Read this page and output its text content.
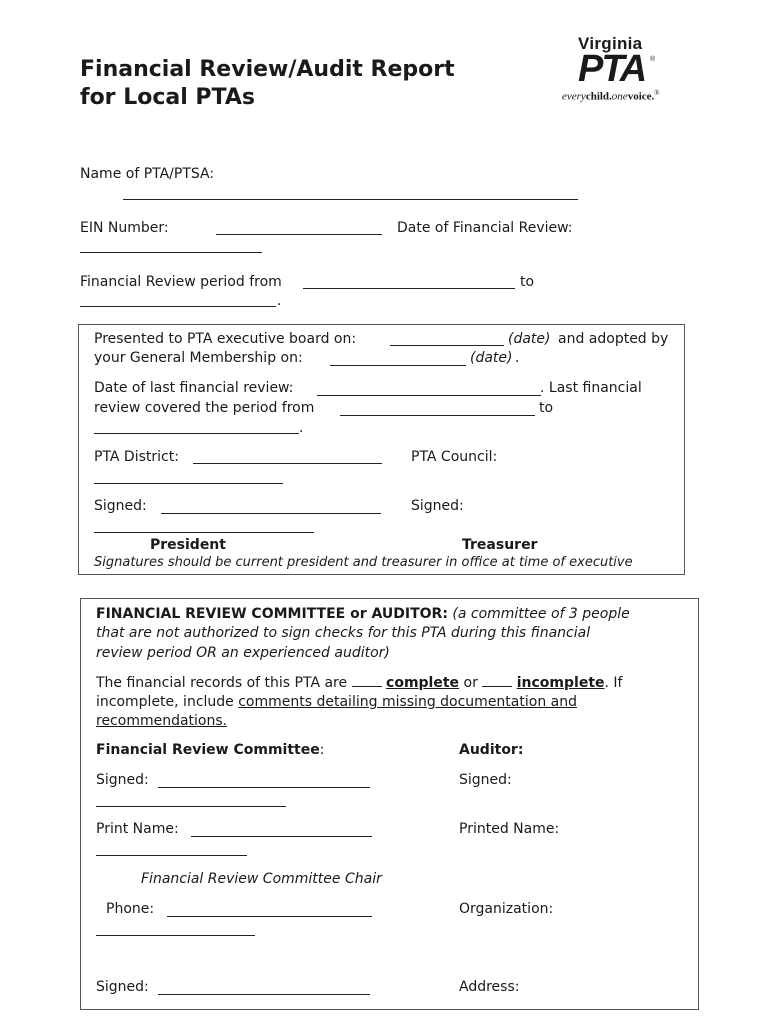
Financial Review/Audit Report
for Local PTAs
Virginia
PTA ®
everychild.onevoice.®
Name of PTA/PTSA:
EIN Number:	Date of Financial Review:
Financial Review period from	to
.
Presented to PTA executive board on:	(date) and adopted by
your General Membership on:	(date) .
Date of last financial review:	. Last financial
review covered the period from	to
.
PTA District:	PTA Council:
Signed:	Signed:
President	Treasurer
Signatures should be current president and treasurer in office at time of executive
FINANCIAL REVIEW COMMITTEE or AUDITOR: (a committee of 3 people
that are not authorized to sign checks for this PTA during this financial
review period OR an experienced auditor)
The financial records of this PTA are	complete or	incomplete. If
incomplete, include comments detailing missing documentation and
recommendations.
Financial Review Committee:	Auditor:
Signed:	Signed:
Print Name:	Printed Name:
Financial Review Committee Chair
Phone:	Organization:
Signed:	Address:
